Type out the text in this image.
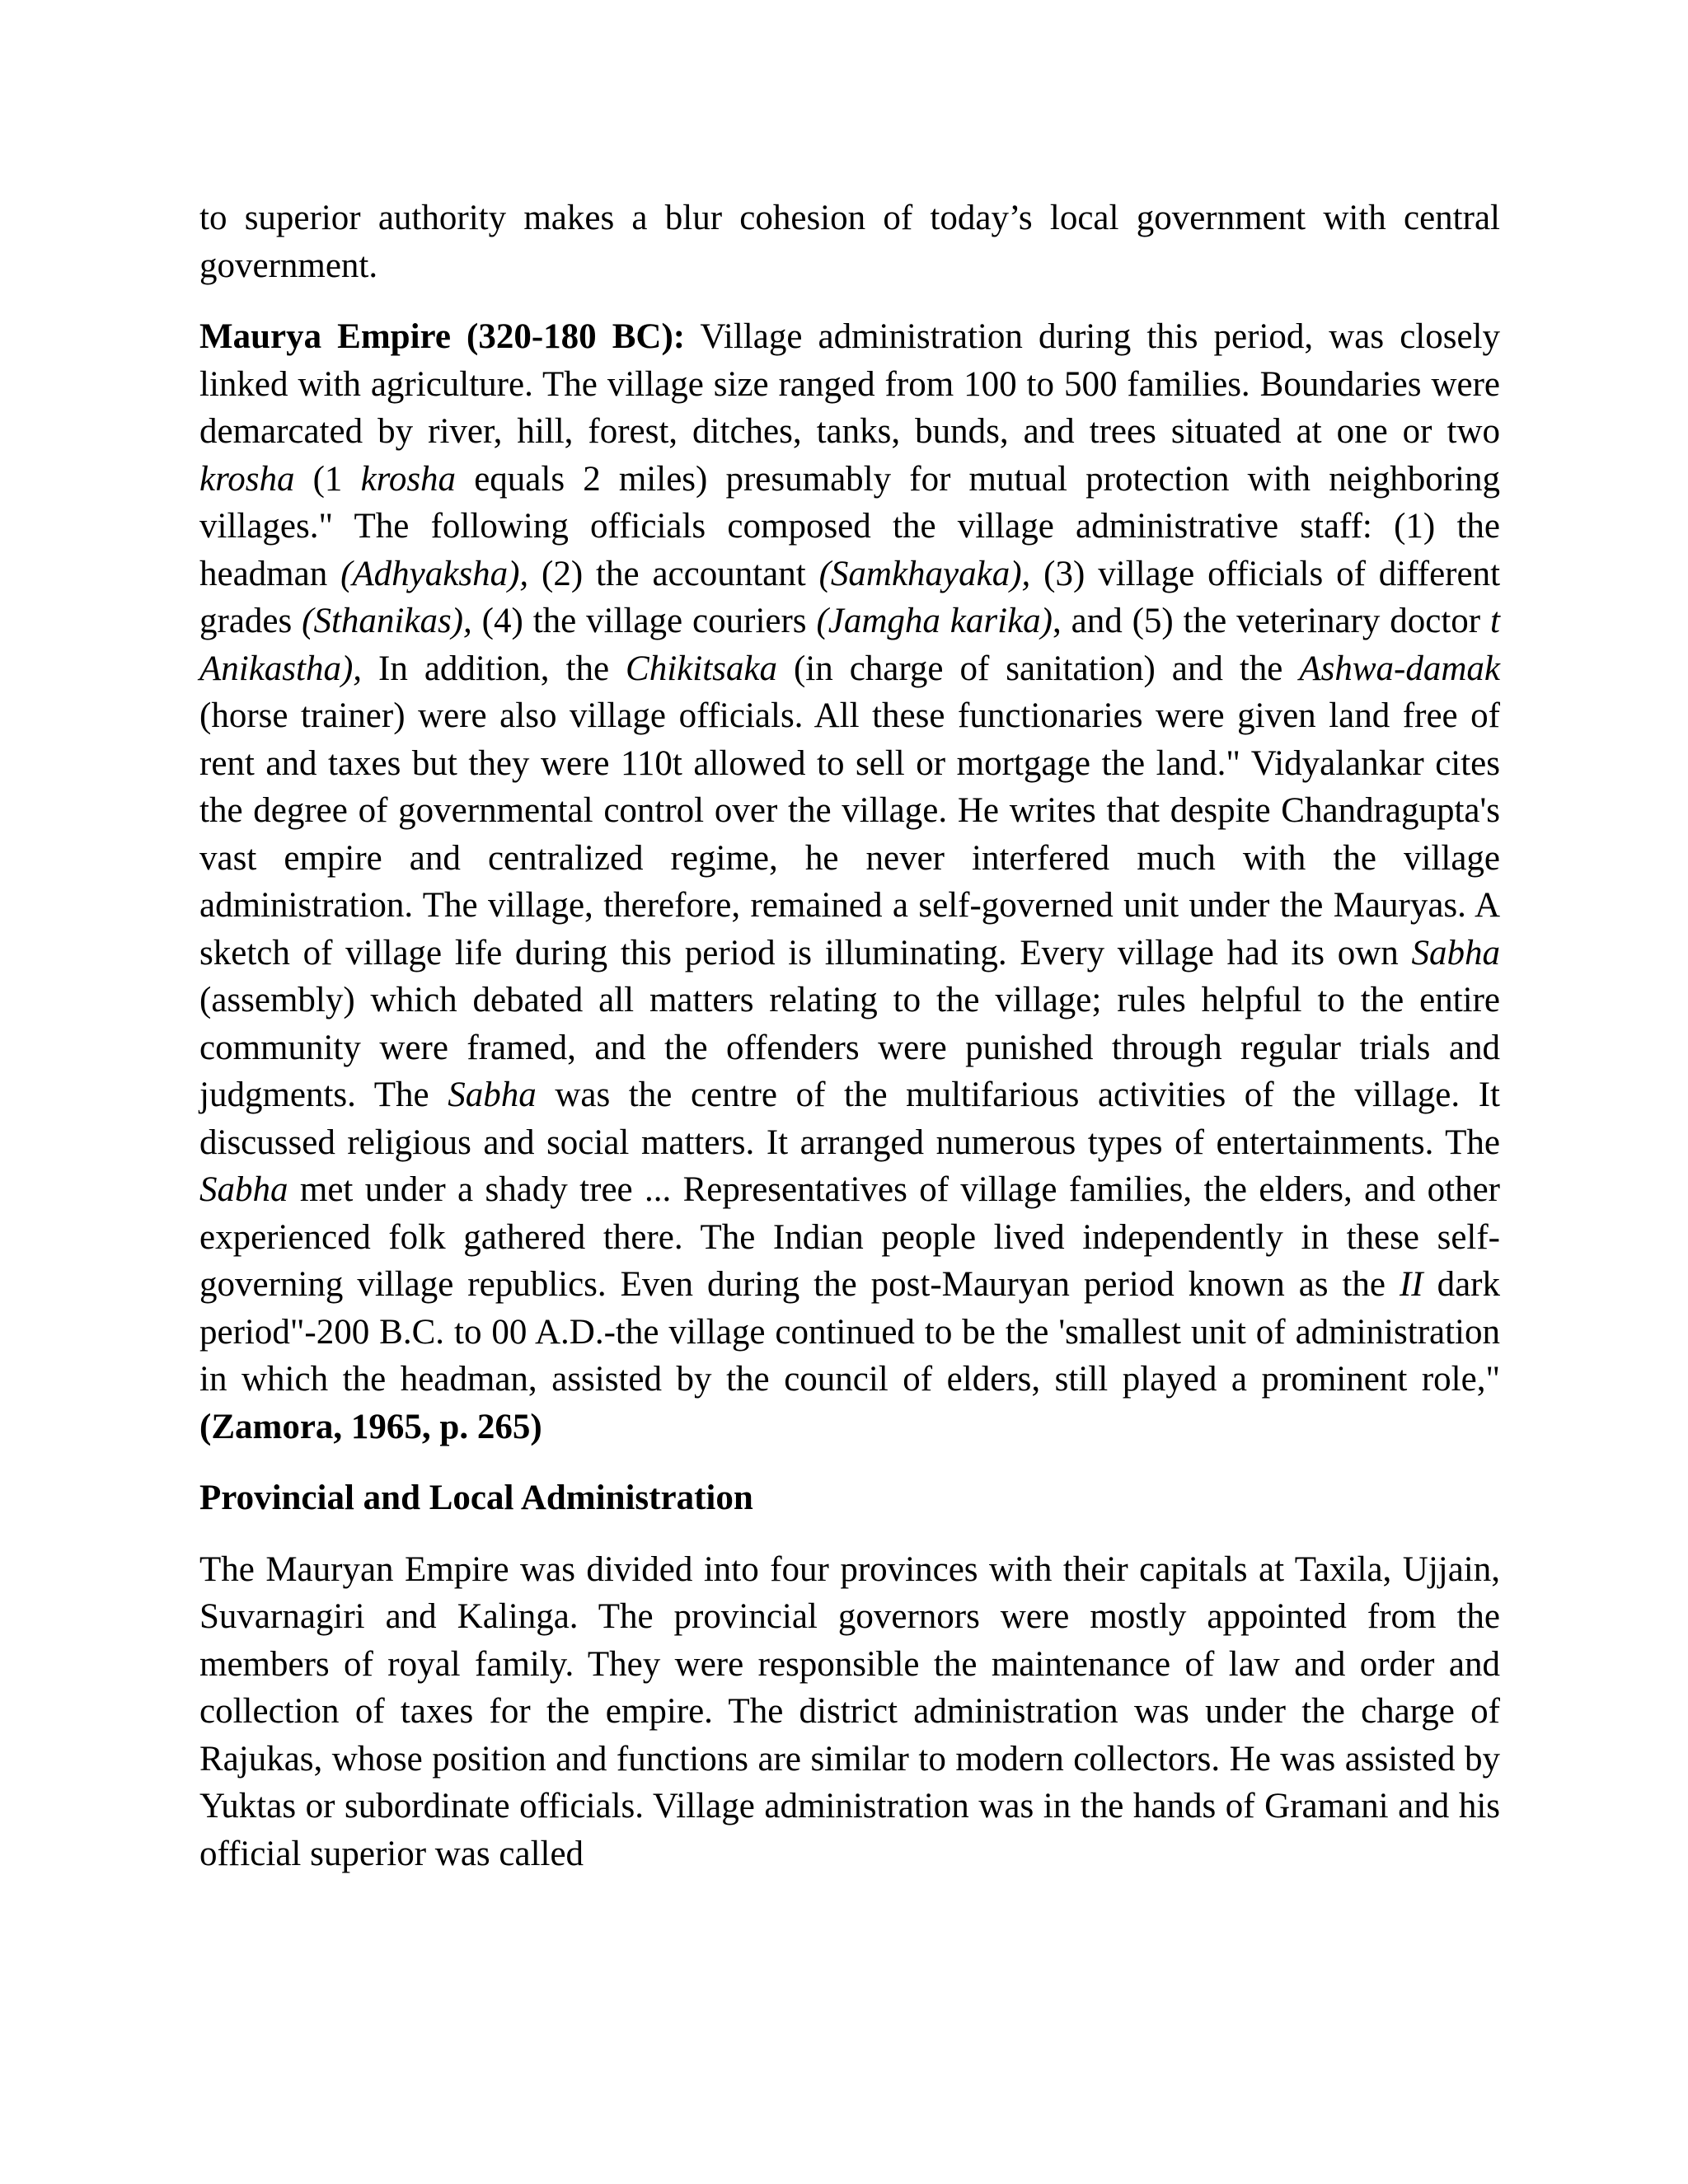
to superior authority makes a blur cohesion of today’s local government with central government.

Maurya Empire (320-180 BC): Village administration during this period, was closely linked with agriculture. The village size ranged from 100 to 500 families. Boundaries were demarcated by river, hill, forest, ditches, tanks, bunds, and trees situated at one or two krosha (1 krosha equals 2 miles) presumably for mutual protection with neighboring villages." The following officials composed the village administrative staff: (1) the headman (Adhyaksha), (2) the accountant (Samkhayaka), (3) village officials of different grades (Sthanikas), (4) the village couriers (Jamgha karika), and (5) the veterinary doctor t Anikastha), In addition, the Chikitsaka (in charge of sanitation) and the Ashwa-damak (horse trainer) were also village officials. All these functionaries were given land free of rent and taxes but they were 110t allowed to sell or mortgage the land." Vidyalankar cites the degree of governmental control over the village. He writes that despite Chandragupta's vast empire and centralized regime, he never interfered much with the village administration. The village, therefore, remained a self-governed unit under the Mauryas. A sketch of village life during this period is illuminating. Every village had its own Sabha (assembly) which debated all matters relating to the village; rules helpful to the entire community were framed, and the offenders were punished through regular trials and judgments. The Sabha was the centre of the multifarious activities of the village. It discussed religious and social matters. It arranged numerous types of entertainments. The Sabha met under a shady tree ... Representatives of village families, the elders, and other experienced folk gathered there. The Indian people lived independently in these self-governing village republics. Even during the post-Mauryan period known as the II dark period"-200 B.C. to 00 A.D.-the village continued to be the 'smallest unit of administration in which the headman, assisted by the council of elders, still played a prominent role," (Zamora, 1965, p. 265)

Provincial and Local Administration

The Mauryan Empire was divided into four provinces with their capitals at Taxila, Ujjain, Suvarnagiri and Kalinga. The provincial governors were mostly appointed from the members of royal family. They were responsible the maintenance of law and order and collection of taxes for the empire. The district administration was under the charge of Rajukas, whose position and functions are similar to modern collectors. He was assisted by Yuktas or subordinate officials. Village administration was in the hands of Gramani and his official superior was called
